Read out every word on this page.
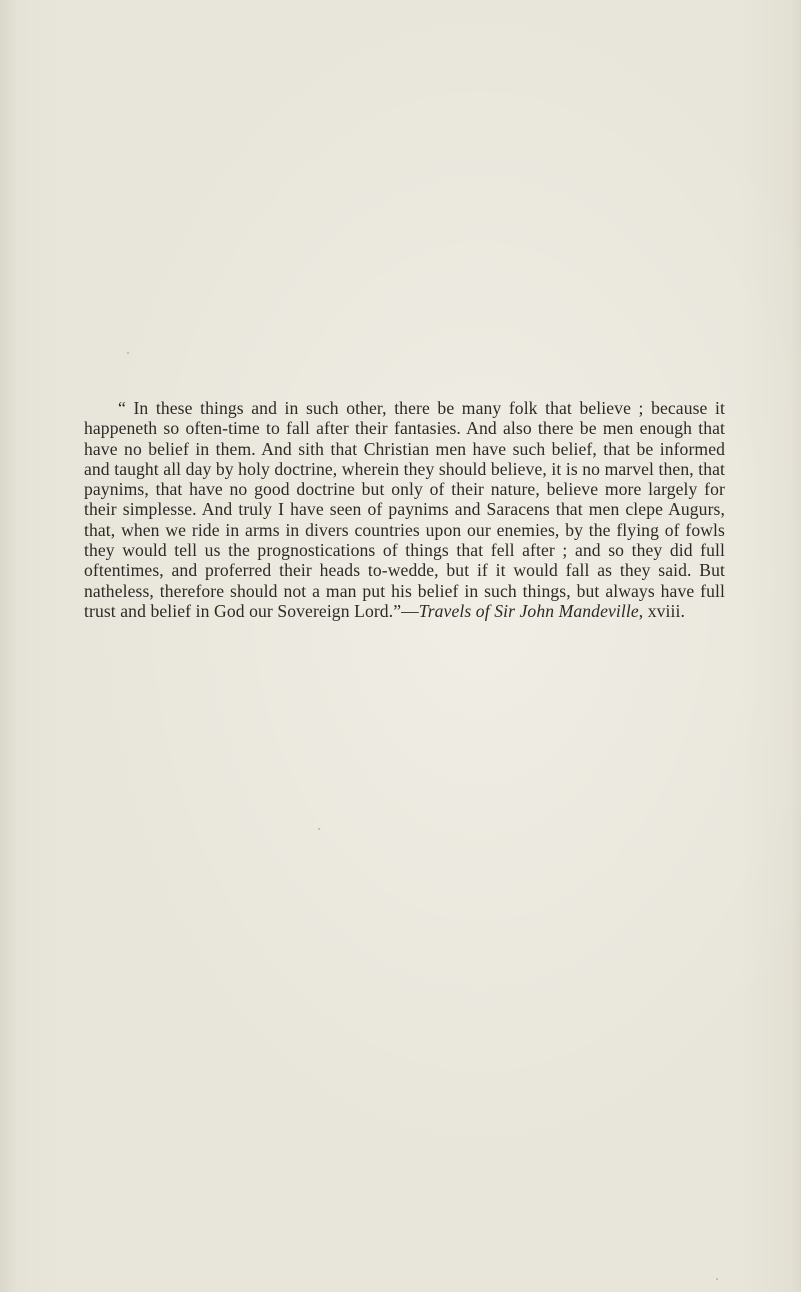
“ In these things and in such other, there be many folk that believe ; because it happeneth so often-time to fall after their fantasies. And also there be men enough that have no belief in them. And sith that Christian men have such belief, that be informed and taught all day by holy doctrine, wherein they should believe, it is no marvel then, that paynims, that have no good doctrine but only of their nature, believe more largely for their simplesse. And truly I have seen of paynims and Saracens that men clepe Augurs, that, when we ride in arms in divers countries upon our enemies, by the flying of fowls they would tell us the prognostications of things that fell after ; and so they did full oftentimes, and proferred their heads to-wedde, but if it would fall as they said. But natheless, therefore should not a man put his belief in such things, but always have full trust and belief in God our Sovereign Lord.”—Travels of Sir John Mandeville, xviii.
